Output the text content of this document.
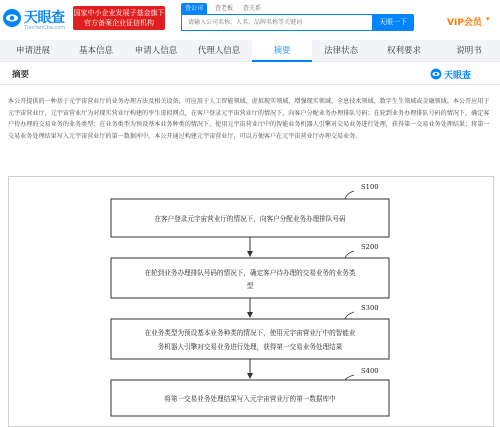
天眼查
TianYanCha.com
国家中小企业发展子基金旗下
官方备案企业征信机构
查公司	查老板	查关系
请输入公司名称、人名、品牌名称等关键词
天眼一下	VIP会员 ▾
申请进展	基本信息	申请人信息	代理人信息	摘要	法律状态	权利要求	说明书
摘要	天眼查

本公开提供的一种基于元宇宙营业厅的业务办理方法及相关设备，可应用于人工智能领域、虚拟现实领域、增强现实领域、全息技术领域、数字生生领域或金融领域。本公开应用于元宇宙营业厅，元宇宙营业厅为对现实营业厅构建的孪生虚拟网点，在客户登录元宇宙营业厅的情况下，向客户分配业务办理排队号码；在轮到业务办理排队号码的情况下，确定客户待办理的交易业务的业务类型；在业务类型为预设基本业务种类的情况下，使用元宇宙营业厅中的智能业务机器人引擎对交易业务进行处理，获得第一交易业务处理结果；将第一交易业务处理结果写入元宇宙营业厅的第一数据库中。本公开通过构建元宇宙营业厅，可以方便客户在元宇宙营业厅办理交易业务。

S100
在客户登录元宇宙营业厅的情况下，向客户分配业务办理排队号码
S200
在轮到业务办理排队号码的情况下，确定客户待办理的交易业务的业务类
型
S300
在业务类型为预设基本业务种类的情况下，使用元宇宙营业厅中的智能业
务机器人引擎对交易业务进行处理，获得第一交易业务处理结果
S400
将第一交易业务处理结果写入元宇宙营业厅的第一数据库中
